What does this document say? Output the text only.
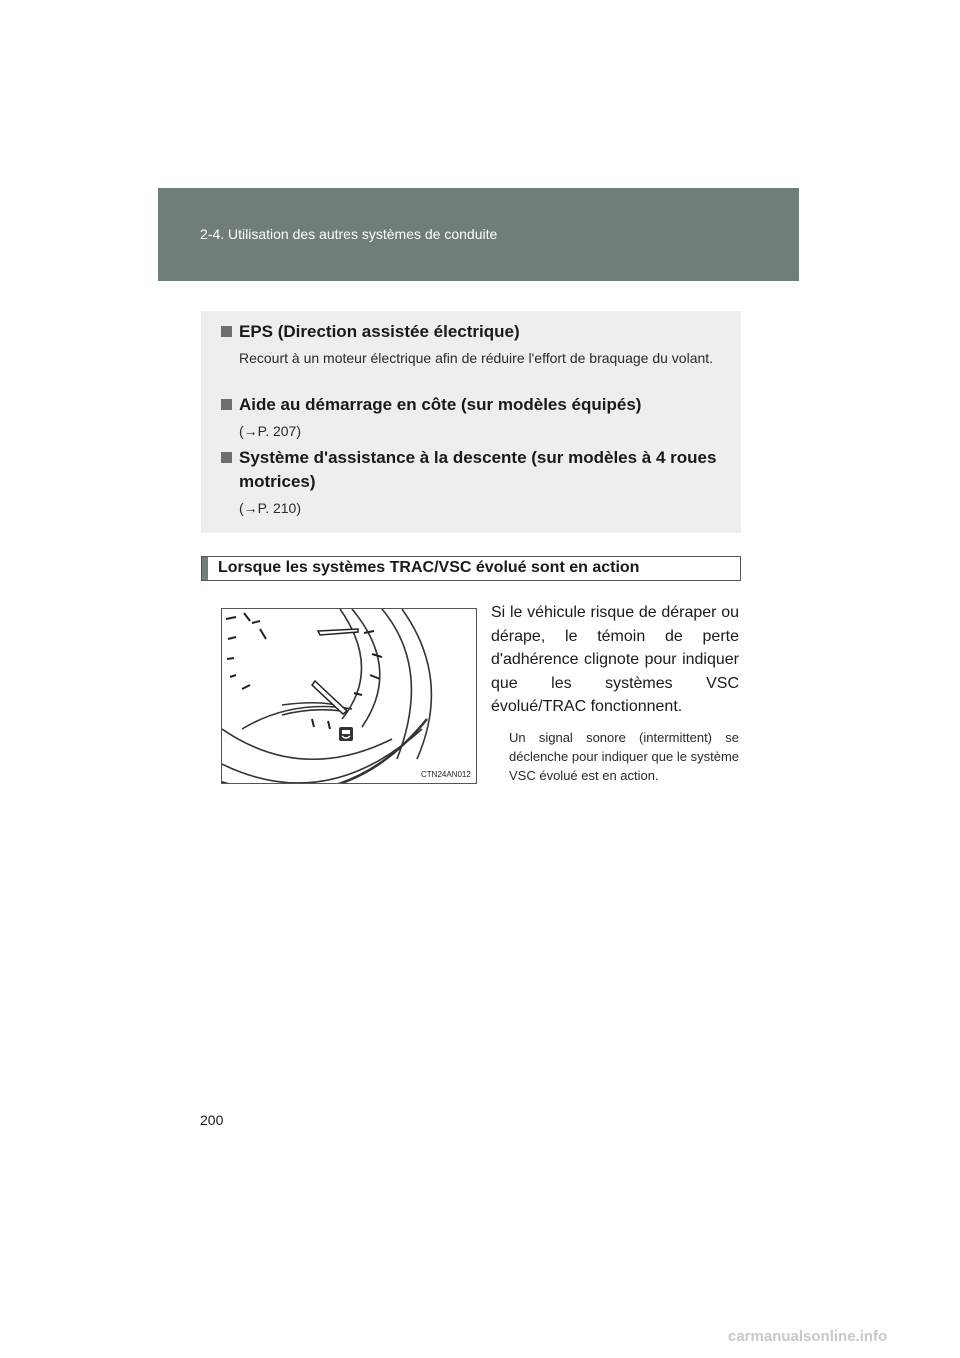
2-4. Utilisation des autres systèmes de conduite
EPS (Direction assistée électrique)
Recourt à un moteur électrique afin de réduire l'effort de braquage du volant.
Aide au démarrage en côte (sur modèles équipés)
(→P. 207)
Système d'assistance à la descente (sur modèles à 4 roues motrices)
(→P. 210)
Lorsque les systèmes TRAC/VSC évolué sont en action
CTN24AN012
Si le véhicule risque de déraper ou dérape, le témoin de perte d'adhérence clignote pour indiquer que les systèmes VSC évolué/TRAC fonctionnent.
Un signal sonore (intermittent) se déclenche pour indiquer que le système VSC évolué est en action.
200
carmanualsonline.info
